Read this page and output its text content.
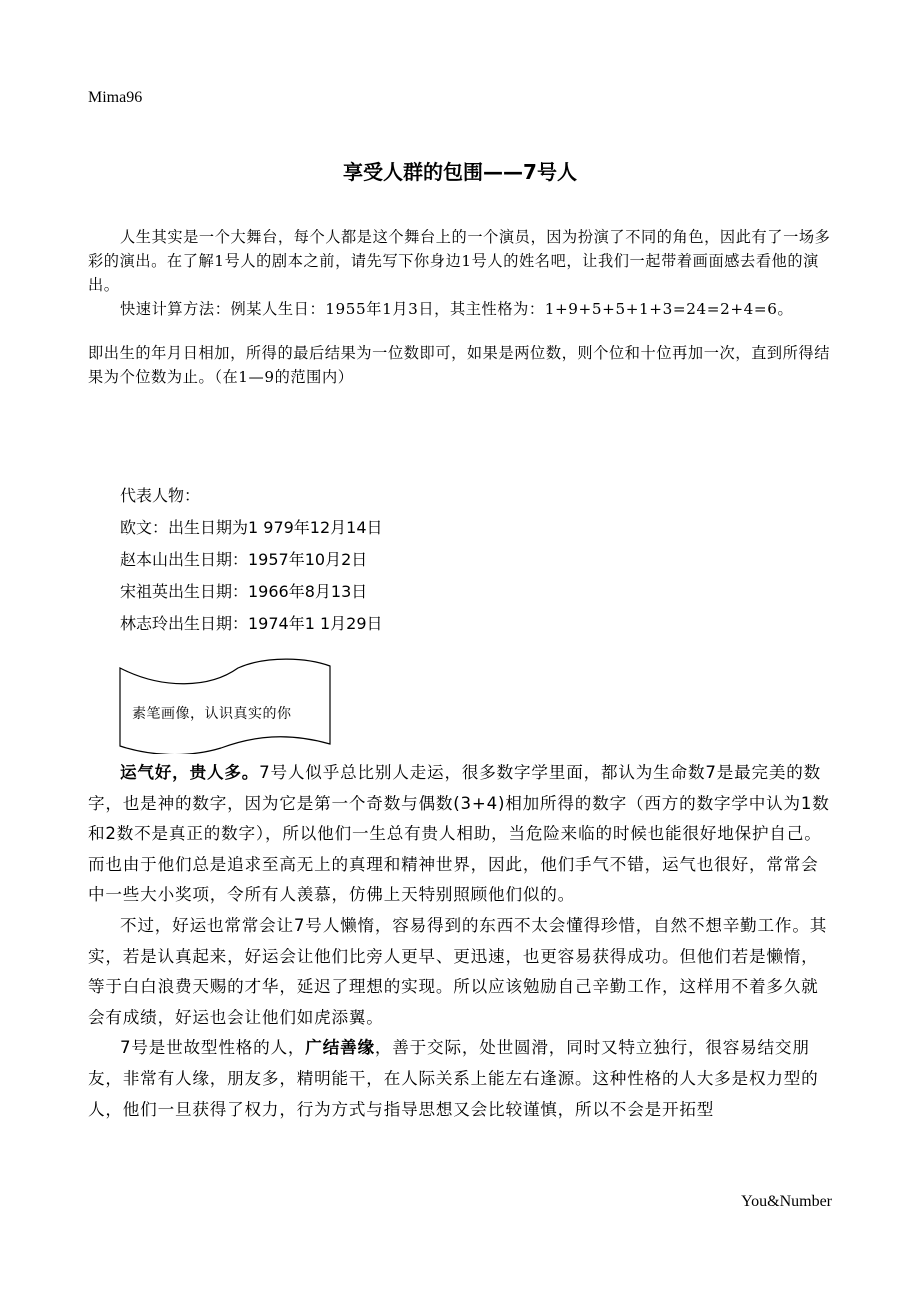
Mima96
享受人群的包围——7号人

人生其实是一个大舞台，每个人都是这个舞台上的一个演员，因为扮演了不同的角色，因此有了一场多彩的演出。在了解1号人的剧本之前，请先写下你身边1号人的姓名吧，让我们一起带着画面感去看他的演出。

快速计算方法：例某人生日：1955年1月3日，其主性格为：1+9+5+5+1+3=24=2+4=6。

即出生的年月日相加，所得的最后结果为一位数即可，如果是两位数，则个位和十位再加一次，直到所得结果为个位数为止。（在1—9的范围内）

代表人物：
欧文：出生日期为1 979年12月14日
赵本山出生日期：1957年10月2日
宋祖英出生日期：1966年8月13日
林志玲出生日期：1974年1 1月29日
素笔画像，认识真实的你

运气好，贵人多。7号人似乎总比别人走运，很多数字学里面，都认为生命数7是最完美的数字，也是神的数字，因为它是第一个奇数与偶数(3+4)相加所得的数字（西方的数字学中认为1数和2数不是真正的数字），所以他们一生总有贵人相助，当危险来临的时候也能很好地保护自己。而也由于他们总是追求至高无上的真理和精神世界，因此，他们手气不错，运气也很好，常常会中一些大小奖项，令所有人羡慕，仿佛上天特别照顾他们似的。

不过，好运也常常会让7号人懒惰，容易得到的东西不太会懂得珍惜，自然不想辛勤工作。其实，若是认真起来，好运会让他们比旁人更早、更迅速，也更容易获得成功。但他们若是懒惰，等于白白浪费天赐的才华，延迟了理想的实现。所以应该勉励自己辛勤工作，这样用不着多久就会有成绩，好运也会让他们如虎添翼。

7号是世故型性格的人，广结善缘，善于交际，处世圆滑，同时又特立独行，很容易结交朋友，非常有人缘，朋友多，精明能干，在人际关系上能左右逢源。这种性格的人大多是权力型的人，他们一旦获得了权力，行为方式与指导思想又会比较谨慎，所以不会是开拓型

You&Number
